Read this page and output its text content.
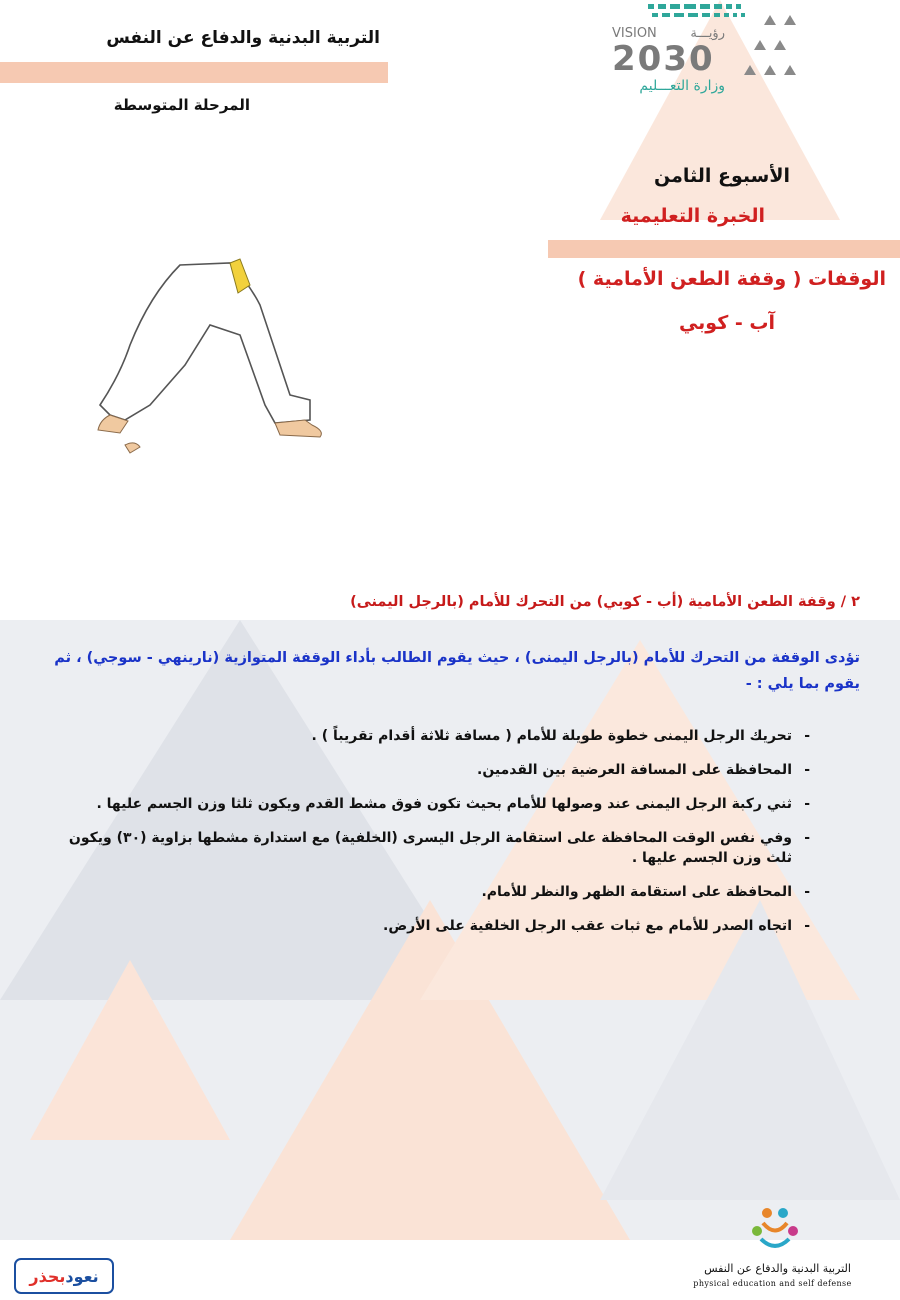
VISION	رؤيـــة
2030
وزارة التعـــليم
التربية البدنية والدفاع عن النفس
المرحلة المتوسطة
الأسبوع الثامن
الخبرة التعليمية
الوقفات ( وقفة الطعن الأمامية )
آب - كوبي
٢ / وقفة الطعن الأمامية (أب - كوبي) من التحرك للأمام (بالرجل اليمنى)
تؤدى الوقفة من التحرك للأمام (بالرجل اليمنى) ، حيث يقوم الطالب بأداء الوقفة المتوازية (نارينهي - سوجي) ، ثم يقوم بما يلي : -
-
تحريك الرجل اليمنى خطوة طويلة للأمام ( مسافة ثلاثة أقدام تقريباً ) .
-
المحافظة على المسافة العرضية بين القدمين.
-
ثني ركبة الرجل اليمنى عند وصولها للأمام بحيث تكون فوق مشط القدم ويكون ثلثا وزن الجسم عليها .
-
وفي نفس الوقت المحافظة على استقامة الرجل اليسرى (الخلفية) مع استدارة مشطها بزاوية (٣٠) ويكون ثلث وزن الجسم عليها .
-
المحافظة على استقامة الظهر والنظر للأمام.
-
اتجاه الصدر للأمام مع ثبات عقب الرجل الخلفية على الأرض.
التربية البدنية والدفاع عن النفس
physical education and self defense
نعود
بحذر
